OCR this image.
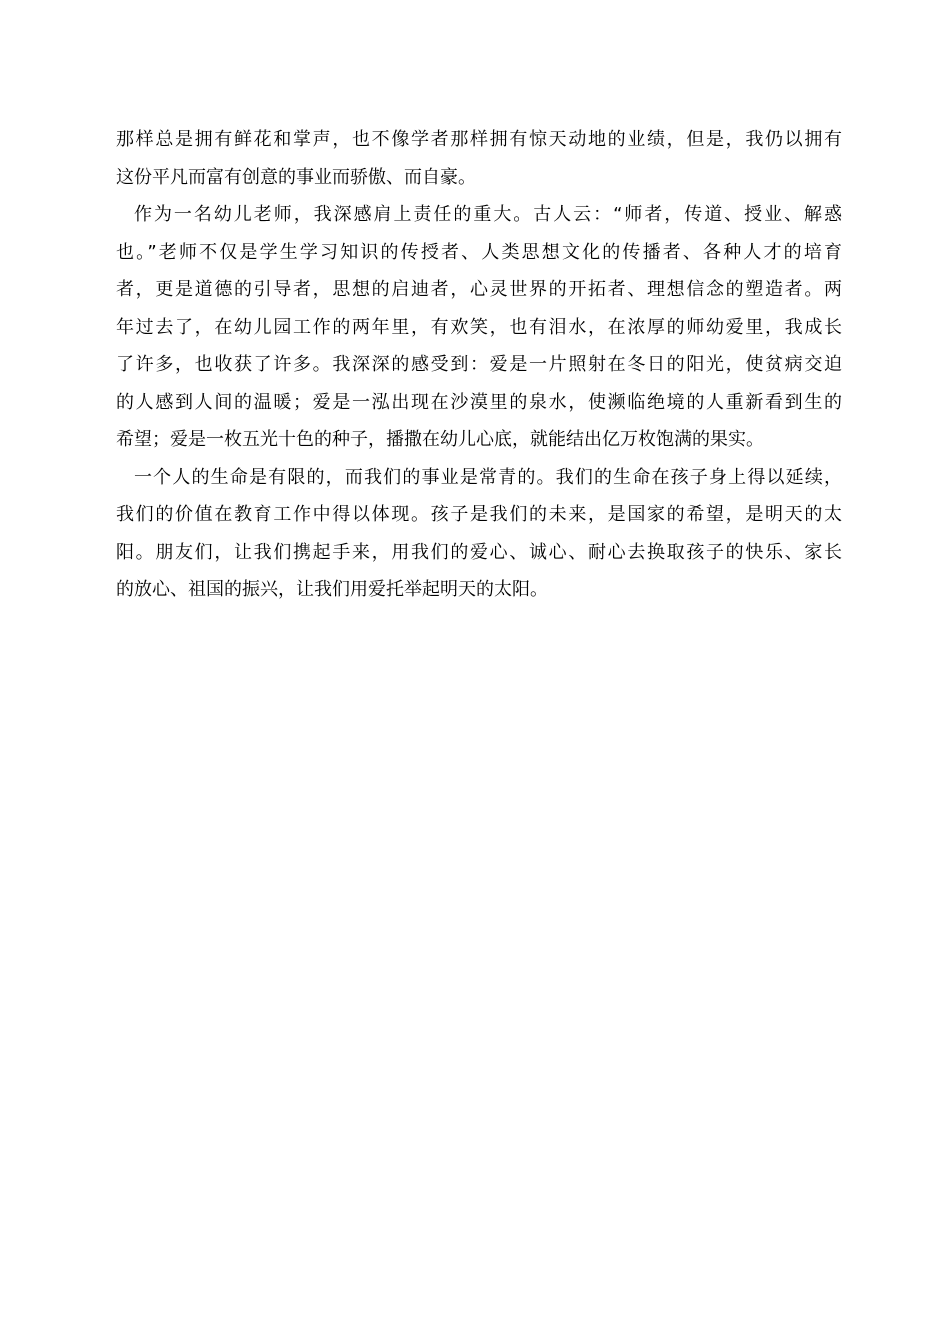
那样总是拥有鲜花和掌声，也不像学者那样拥有惊天动地的业绩，但是，我仍以拥有
这份平凡而富有创意的事业而骄傲、而自豪。
作为一名幼儿老师，我深感肩上责任的重大。古人云：“师者，传道、授业、解惑
也。”老师不仅是学生学习知识的传授者、人类思想文化的传播者、各种人才的培育
者，更是道德的引导者，思想的启迪者，心灵世界的开拓者、理想信念的塑造者。两
年过去了，在幼儿园工作的两年里，有欢笑，也有泪水，在浓厚的师幼爱里，我成长
了许多，也收获了许多。我深深的感受到：爱是一片照射在冬日的阳光，使贫病交迫
的人感到人间的温暖；爱是一泓出现在沙漠里的泉水，使濒临绝境的人重新看到生的
希望；爱是一枚五光十色的种子，播撒在幼儿心底，就能结出亿万枚饱满的果实。
一个人的生命是有限的，而我们的事业是常青的。我们的生命在孩子身上得以延续，
我们的价值在教育工作中得以体现。孩子是我们的未来，是国家的希望，是明天的太
阳。朋友们，让我们携起手来，用我们的爱心、诚心、耐心去换取孩子的快乐、家长
的放心、祖国的振兴，让我们用爱托举起明天的太阳。
